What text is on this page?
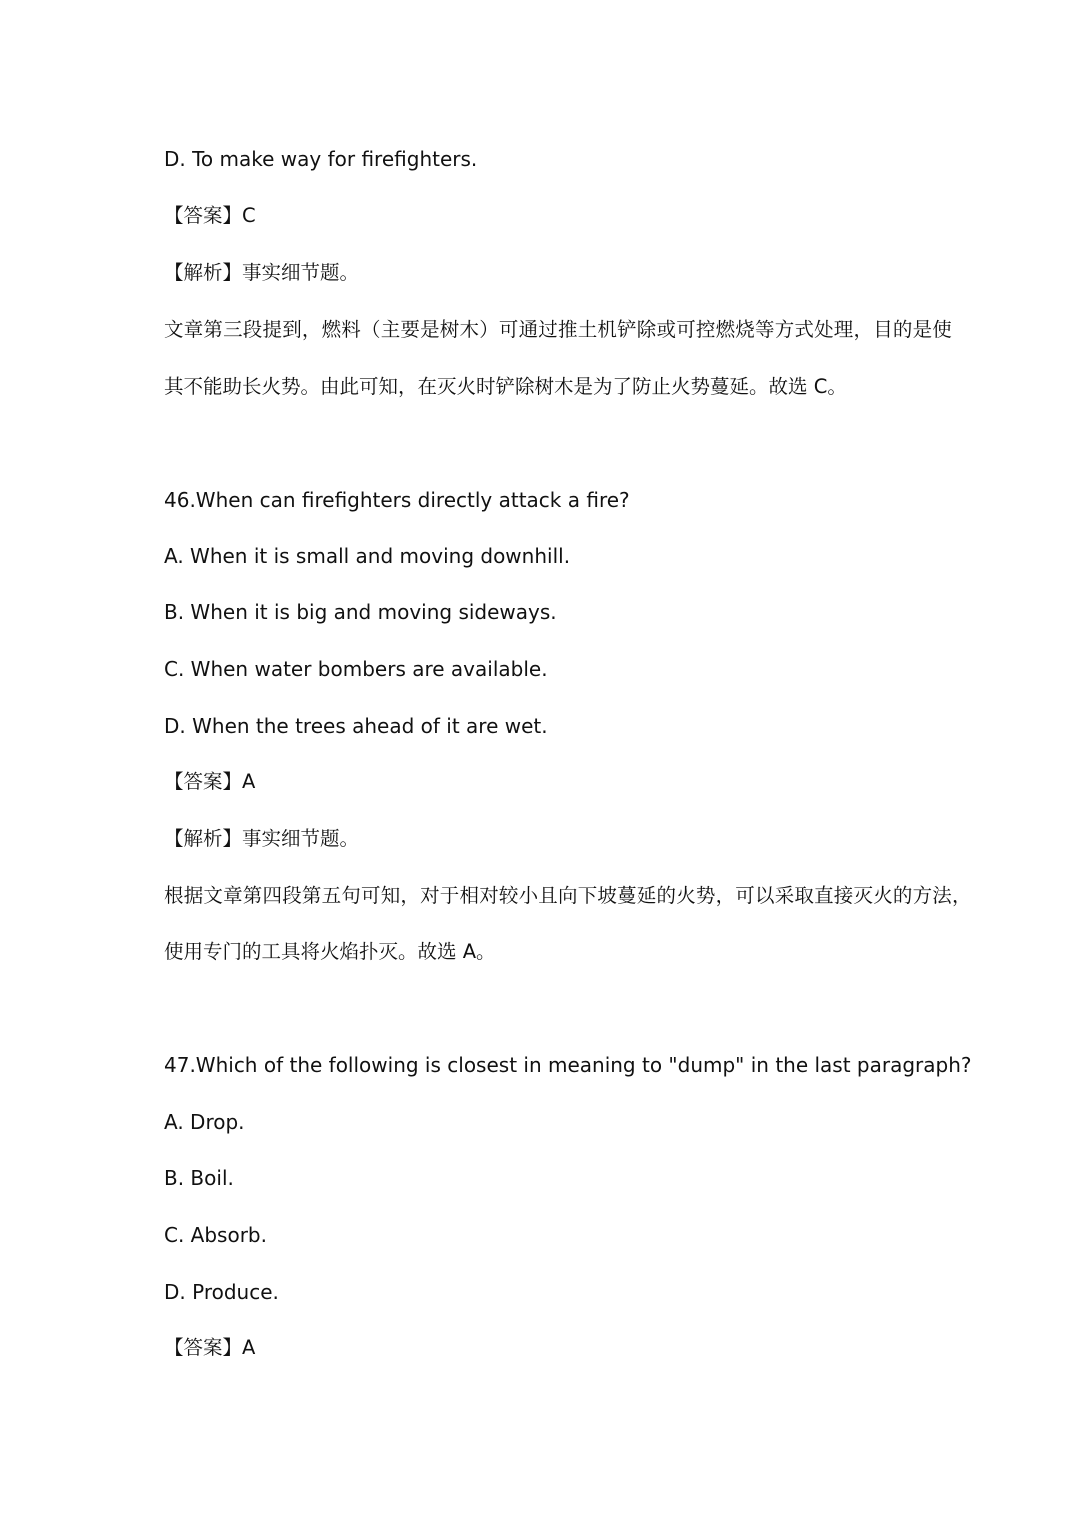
D. To make way for firefighters.
【答案】C
【解析】事实细节题。
文章第三段提到，燃料（主要是树木）可通过推土机铲除或可控燃烧等方式处理，目的是使
其不能助长火势。由此可知，在灭火时铲除树木是为了防止火势蔓延。故选 C。
46.When can firefighters directly attack a fire?
A. When it is small and moving downhill.
B. When it is big and moving sideways.
C. When water bombers are available.
D. When the trees ahead of it are wet.
【答案】A
【解析】事实细节题。
根据文章第四段第五句可知，对于相对较小且向下坡蔓延的火势，可以采取直接灭火的方法，
使用专门的工具将火焰扑灭。故选 A。
47.Which of the following is closest in meaning to "dump" in the last paragraph?
A. Drop.
B. Boil.
C. Absorb.
D. Produce.
【答案】A
